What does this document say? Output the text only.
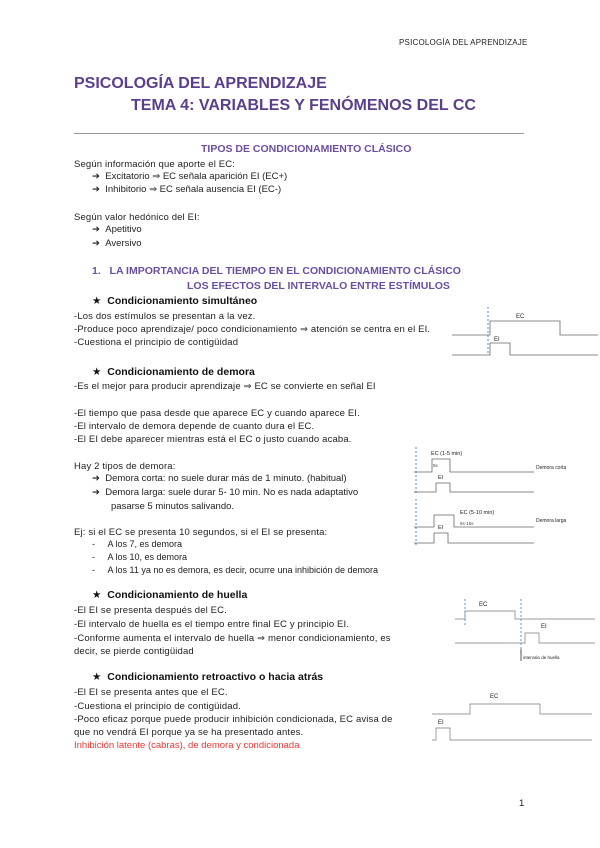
PSICOLOGÍA DEL APRENDIZAJE
PSICOLOGÍA DEL APRENDIZAJE
TEMA 4: VARIABLES Y FENÓMENOS DEL CC
TIPOS DE CONDICIONAMIENTO CLÁSICO
Según información que aporte el EC:
➔ Excitatorio ⇒ EC señala aparición EI (EC+)
➔ Inhibitorio ⇒ EC señala ausencia EI (EC-)
Según valor hedónico del EI:
➔ Apetitivo
➔ Aversivo
1. LA IMPORTANCIA DEL TIEMPO EN EL CONDICIONAMIENTO CLÁSICO
LOS EFECTOS DEL INTERVALO ENTRE ESTÍMULOS
★ Condicionamiento simultáneo
-Los dos estímulos se presentan a la vez.
-Produce poco aprendizaje/ poco condicionamiento ⇒ atención se centra en el EI.
-Cuestiona el principio de contigüidad
EC
EI
★ Condicionamiento de demora
-Es el mejor para producir aprendizaje ⇒ EC se convierte en señal EI
-El tiempo que pasa desde que aparece EC y cuando aparece EI.
-El intervalo de demora depende de cuanto dura el EC.
-El EI debe aparecer mientras está el EC o justo cuando acaba.
Hay 2 tipos de demora:
➔ Demora corta: no suele durar más de 1 minuto. (habitual)
➔ Demora larga: suele durar 5- 10 min. No es nada adaptativo
pasarse 5 minutos salivando.
Ej: si el EC se presenta 10 segundos, si el EI se presenta:
- A los 7, es demora
- A los 10, es demora
- A los 11 ya no es demora, es decir, ocurre una inhibición de demora
EC (1-5 min)
5s
EI
Demora corta
EC (5-10 min)
5s-15s
EI
Demora larga
★ Condicionamiento de huella
-El EI se presenta después del EC.
-El intervalo de huella es el tiempo entre final EC y principio EI.
-Conforme aumenta el intervalo de huella ⇒ menor condicionamiento, es
decir, se pierde contigüidad
EC
EI
intervalo de huella
★ Condicionamiento retroactivo o hacia atrás
-El EI se presenta antes que el EC.
-Cuestiona el principio de contigüidad.
-Poco eficaz porque puede producir inhibición condicionada, EC avisa de
que no vendrá EI porque ya se ha presentado antes.
Inhibición latente (cabras), de demora y condicionada
EC
EI
1
